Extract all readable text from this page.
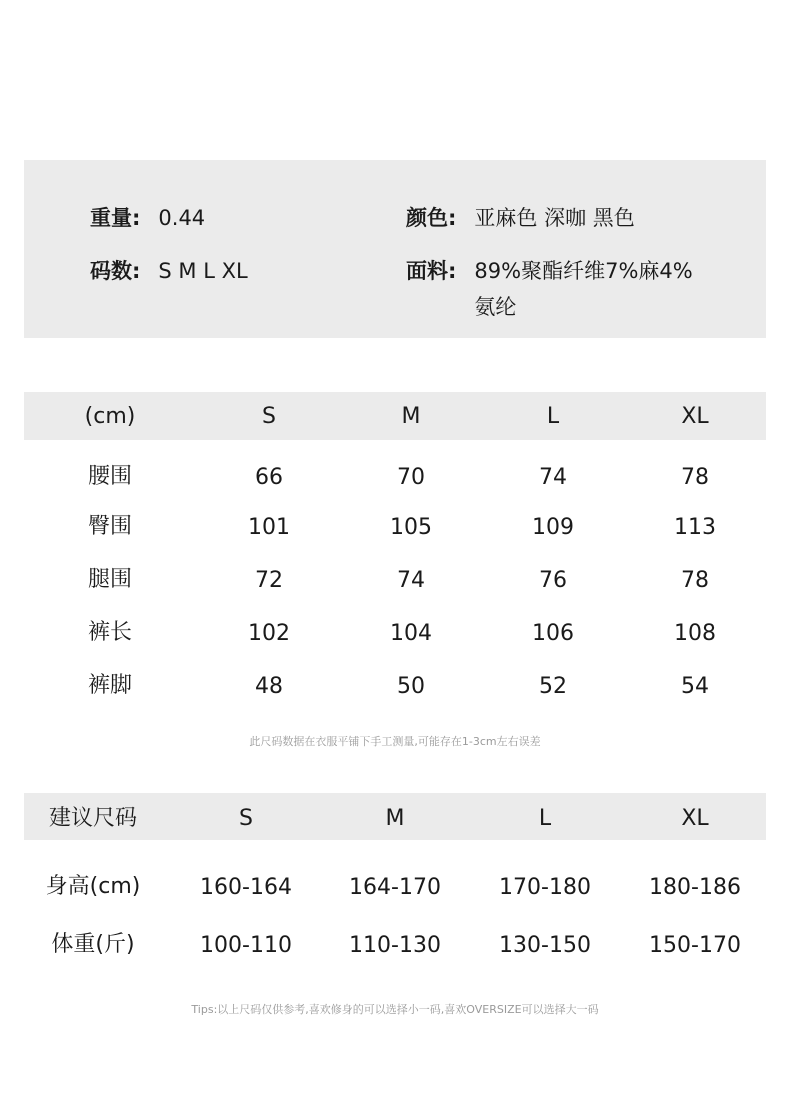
重量: 0.44
码数: S M L XL
颜色: 亚麻色 深咖 黑色
面料: 89%聚酯纤维7%麻4%氨纶
(cm)	S	M	L	XL
腰围	66	70	74	78
臀围	101	105	109	113
腿围	72	74	76	78
裤长	102	104	106	108
裤脚	48	50	52	54
此尺码数据在衣服平铺下手工测量,可能存在1-3cm左右误差
建议尺码	S	M	L	XL
身高(cm)	160-164	164-170	170-180	180-186
体重(斤)	100-110	110-130	130-150	150-170
Tips:以上尺码仅供参考,喜欢修身的可以选择小一码,喜欢OVERSIZE可以选择大一码
